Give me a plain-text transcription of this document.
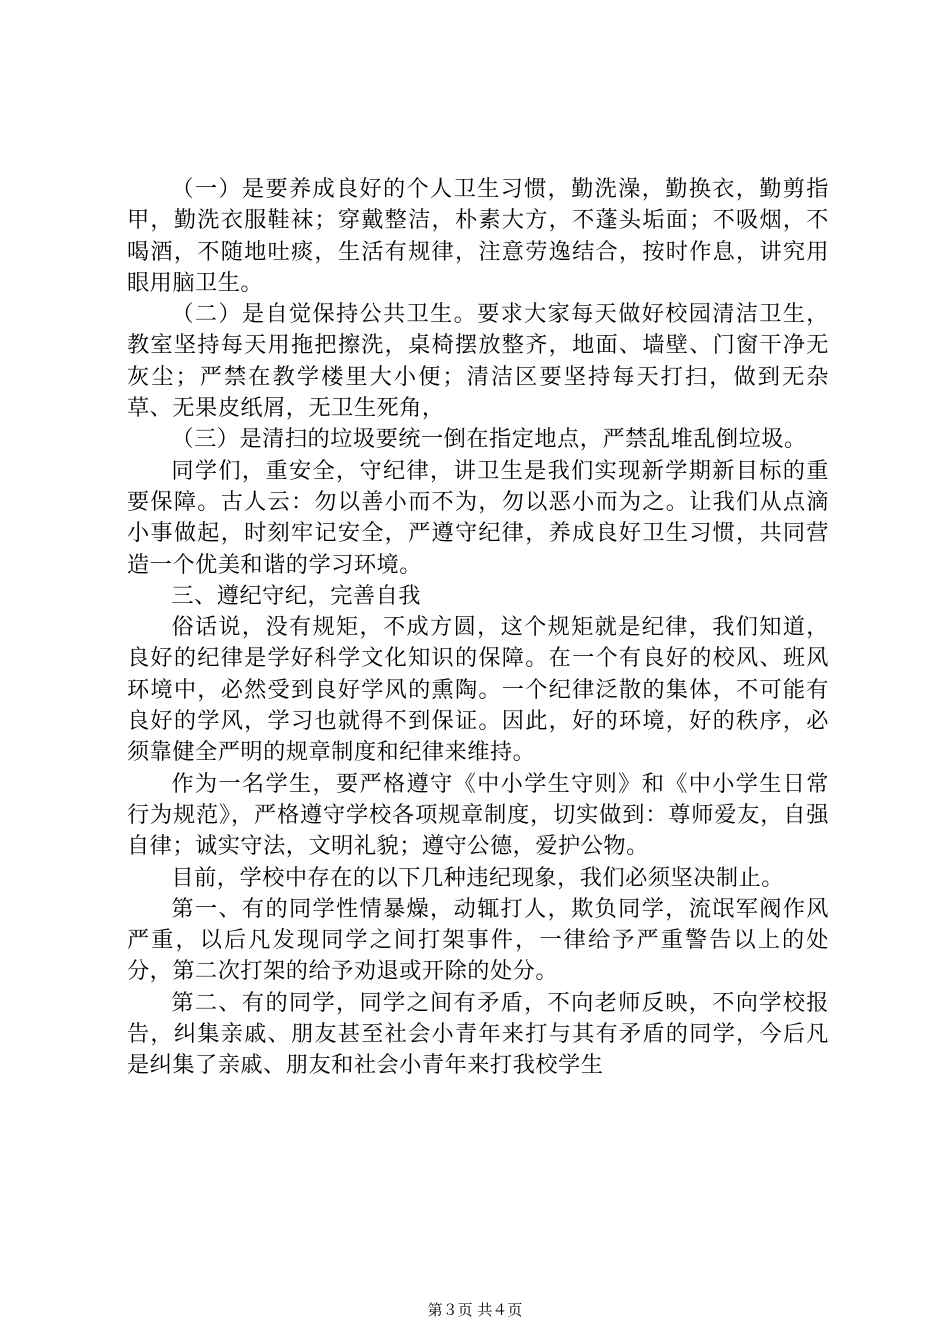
（一）是要养成良好的个人卫生习惯，勤洗澡，勤换衣，勤剪指甲，勤洗衣服鞋袜；穿戴整洁，朴素大方，不蓬头垢面；不吸烟，不喝酒，不随地吐痰，生活有规律，注意劳逸结合，按时作息，讲究用眼用脑卫生。

（二）是自觉保持公共卫生。要求大家每天做好校园清洁卫生，教室坚持每天用拖把擦洗，桌椅摆放整齐，地面、墙壁、门窗干净无灰尘；严禁在教学楼里大小便；清洁区要坚持每天打扫，做到无杂草、无果皮纸屑，无卫生死角，

（三）是清扫的垃圾要统一倒在指定地点，严禁乱堆乱倒垃圾。

同学们，重安全，守纪律，讲卫生是我们实现新学期新目标的重要保障。古人云：勿以善小而不为，勿以恶小而为之。让我们从点滴小事做起，时刻牢记安全，严遵守纪律，养成良好卫生习惯，共同营造一个优美和谐的学习环境。

三、遵纪守纪，完善自我

俗话说，没有规矩，不成方圆，这个规矩就是纪律，我们知道，良好的纪律是学好科学文化知识的保障。在一个有良好的校风、班风环境中，必然受到良好学风的熏陶。一个纪律泛散的集体，不可能有良好的学风，学习也就得不到保证。因此，好的环境，好的秩序，必须靠健全严明的规章制度和纪律来维持。

作为一名学生，要严格遵守《中小学生守则》和《中小学生日常行为规范》，严格遵守学校各项规章制度，切实做到：尊师爱友，自强自律；诚实守法，文明礼貌；遵守公德，爱护公物。

目前，学校中存在的以下几种违纪现象，我们必须坚决制止。

第一、有的同学性情暴燥，动辄打人，欺负同学，流氓军阀作风严重，以后凡发现同学之间打架事件，一律给予严重警告以上的处分，第二次打架的给予劝退或开除的处分。

第二、有的同学，同学之间有矛盾，不向老师反映，不向学校报告，纠集亲戚、朋友甚至社会小青年来打与其有矛盾的同学，今后凡是纠集了亲戚、朋友和社会小青年来打我校学生

第３页 共４页
